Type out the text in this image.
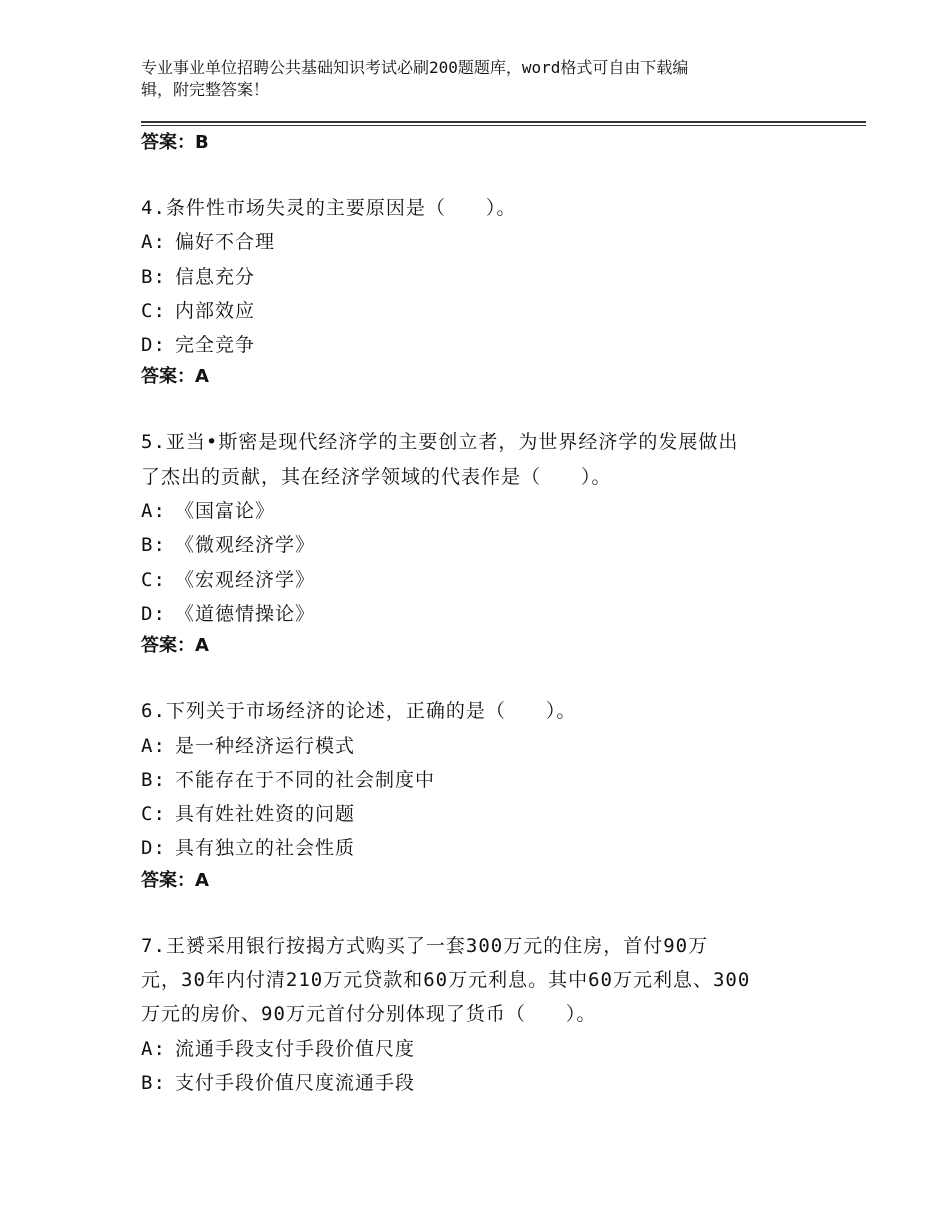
专业事业单位招聘公共基础知识考试必刷200题题库，word格式可自由下载编
辑，附完整答案！
答案：B
4.条件性市场失灵的主要原因是（　　）。
A: 偏好不合理
B: 信息充分
C: 内部效应
D: 完全竞争
答案：A
5.亚当•斯密是现代经济学的主要创立者，为世界经济学的发展做出
了杰出的贡献，其在经济学领域的代表作是（　　）。
A: 《国富论》
B: 《微观经济学》
C: 《宏观经济学》
D: 《道德情操论》
答案：A
6.下列关于市场经济的论述，正确的是（　　）。
A: 是一种经济运行模式
B: 不能存在于不同的社会制度中
C: 具有姓社姓资的问题
D: 具有独立的社会性质
答案：A
7.王赟采用银行按揭方式购买了一套300万元的住房，首付90万
元，30年内付清210万元贷款和60万元利息。其中60万元利息、300
万元的房价、90万元首付分别体现了货币（　　）。
A: 流通手段支付手段价值尺度
B: 支付手段价值尺度流通手段
